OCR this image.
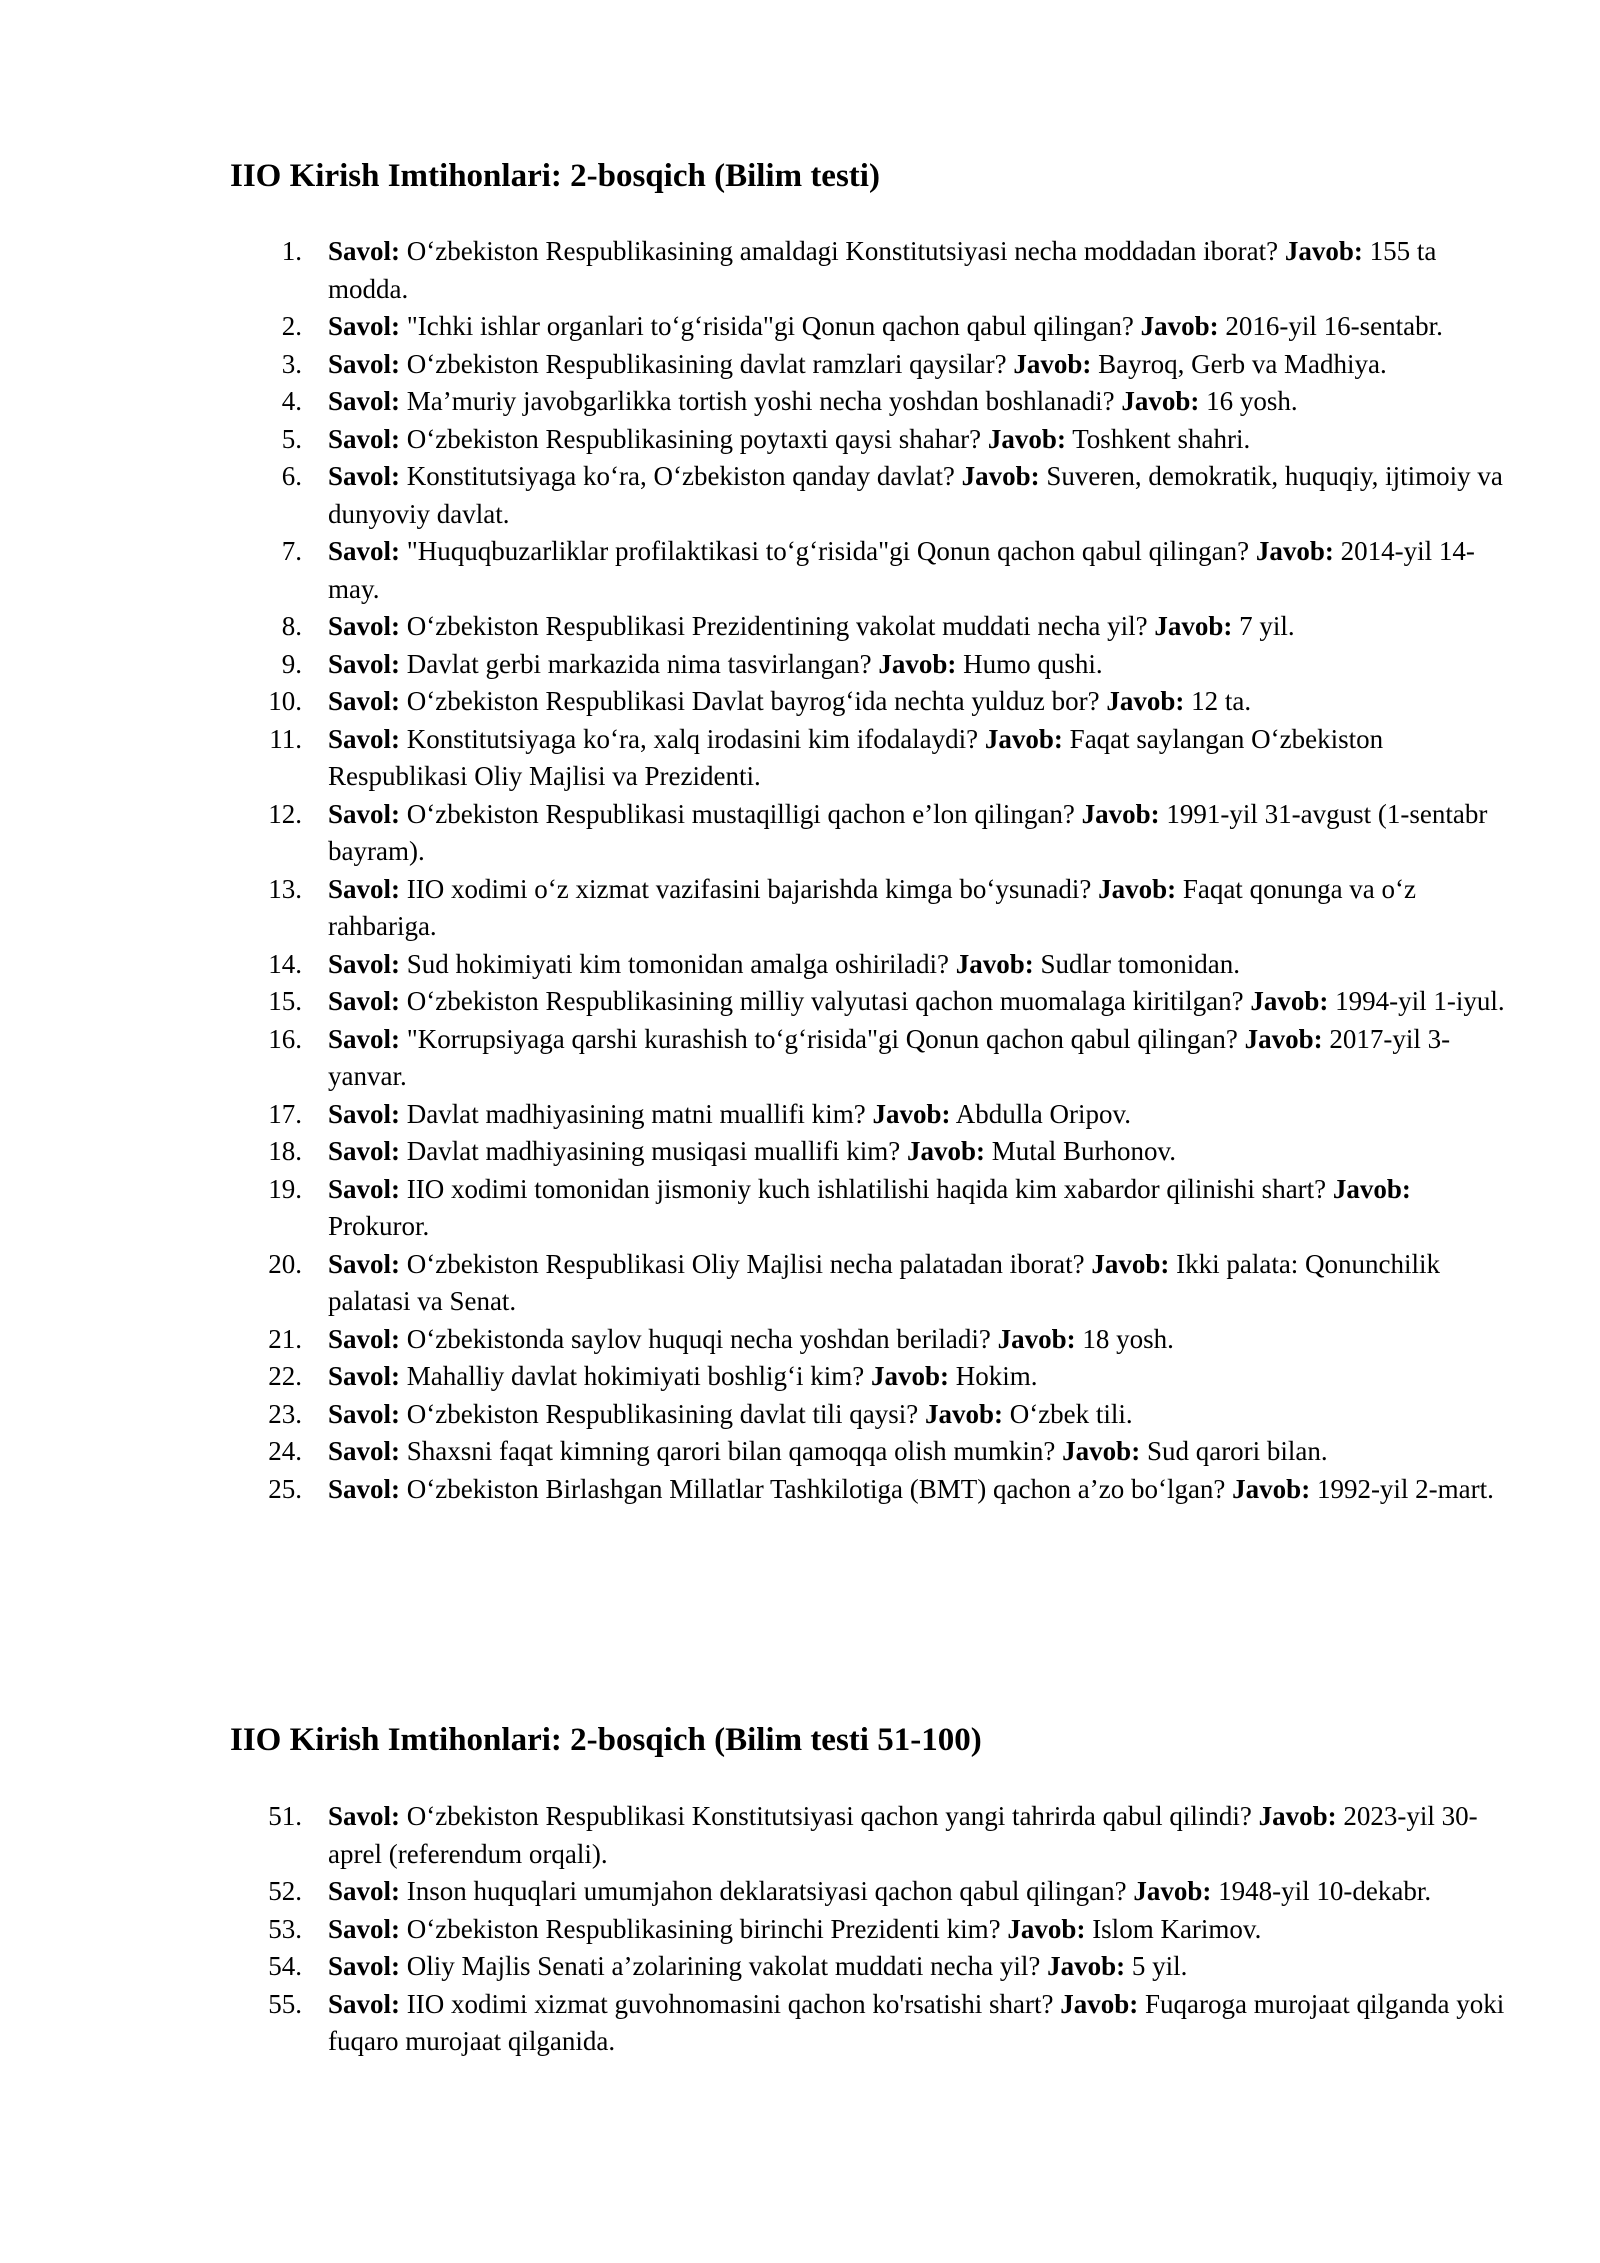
IIO Kirish Imtihonlari: 2-bosqich (Bilim testi)
1. Savol: O‘zbekiston Respublikasining amaldagi Konstitutsiyasi necha moddadan iborat? Javob: 155 ta modda.
2. Savol: "Ichki ishlar organlari to‘g‘risida"gi Qonun qachon qabul qilingan? Javob: 2016-yil 16-sentabr.
3. Savol: O‘zbekiston Respublikasining davlat ramzlari qaysilar? Javob: Bayroq, Gerb va Madhiya.
4. Savol: Ma’muriy javobgarlikka tortish yoshi necha yoshdan boshlanadi? Javob: 16 yosh.
5. Savol: O‘zbekiston Respublikasining poytaxti qaysi shahar? Javob: Toshkent shahri.
6. Savol: Konstitutsiyaga ko‘ra, O‘zbekiston qanday davlat? Javob: Suveren, demokratik, huquqiy, ijtimoiy va dunyoviy davlat.
7. Savol: "Huquqbuzarliklar profilaktikasi to‘g‘risida"gi Qonun qachon qabul qilingan? Javob: 2014-yil 14-may.
8. Savol: O‘zbekiston Respublikasi Prezidentining vakolat muddati necha yil? Javob: 7 yil.
9. Savol: Davlat gerbi markazida nima tasvirlangan? Javob: Humo qushi.
10. Savol: O‘zbekiston Respublikasi Davlat bayrog‘ida nechta yulduz bor? Javob: 12 ta.
11. Savol: Konstitutsiyaga ko‘ra, xalq irodasini kim ifodalaydi? Javob: Faqat saylangan O‘zbekiston Respublikasi Oliy Majlisi va Prezidenti.
12. Savol: O‘zbekiston Respublikasi mustaqilligi qachon e’lon qilingan? Javob: 1991-yil 31-avgust (1-sentabr bayram).
13. Savol: IIO xodimi o‘z xizmat vazifasini bajarishda kimga bo‘ysunadi? Javob: Faqat qonunga va o‘z rahbariga.
14. Savol: Sud hokimiyati kim tomonidan amalga oshiriladi? Javob: Sudlar tomonidan.
15. Savol: O‘zbekiston Respublikasining milliy valyutasi qachon muomalaga kiritilgan? Javob: 1994-yil 1-iyul.
16. Savol: "Korrupsiyaga qarshi kurashish to‘g‘risida"gi Qonun qachon qabul qilingan? Javob: 2017-yil 3-yanvar.
17. Savol: Davlat madhiyasining matni muallifi kim? Javob: Abdulla Oripov.
18. Savol: Davlat madhiyasining musiqasi muallifi kim? Javob: Mutal Burhonov.
19. Savol: IIO xodimi tomonidan jismoniy kuch ishlatilishi haqida kim xabardor qilinishi shart? Javob: Prokuror.
20. Savol: O‘zbekiston Respublikasi Oliy Majlisi necha palatadan iborat? Javob: Ikki palata: Qonunchilik palatasi va Senat.
21. Savol: O‘zbekistonda saylov huquqi necha yoshdan beriladi? Javob: 18 yosh.
22. Savol: Mahalliy davlat hokimiyati boshlig‘i kim? Javob: Hokim.
23. Savol: O‘zbekiston Respublikasining davlat tili qaysi? Javob: O‘zbek tili.
24. Savol: Shaxsni faqat kimning qarori bilan qamoqqa olish mumkin? Javob: Sud qarori bilan.
25. Savol: O‘zbekiston Birlashgan Millatlar Tashkilotiga (BMT) qachon a’zo bo‘lgan? Javob: 1992-yil 2-mart.
IIO Kirish Imtihonlari: 2-bosqich (Bilim testi 51-100)
51. Savol: O‘zbekiston Respublikasi Konstitutsiyasi qachon yangi tahrirda qabul qilindi? Javob: 2023-yil 30-aprel (referendum orqali).
52. Savol: Inson huquqlari umumjahon deklaratsiyasi qachon qabul qilingan? Javob: 1948-yil 10-dekabr.
53. Savol: O‘zbekiston Respublikasining birinchi Prezidenti kim? Javob: Islom Karimov.
54. Savol: Oliy Majlis Senati a’zolarining vakolat muddati necha yil? Javob: 5 yil.
55. Savol: IIO xodimi xizmat guvohnomasini qachon ko'rsatishi shart? Javob: Fuqaroga murojaat qilganda yoki fuqaro murojaat qilganida.
